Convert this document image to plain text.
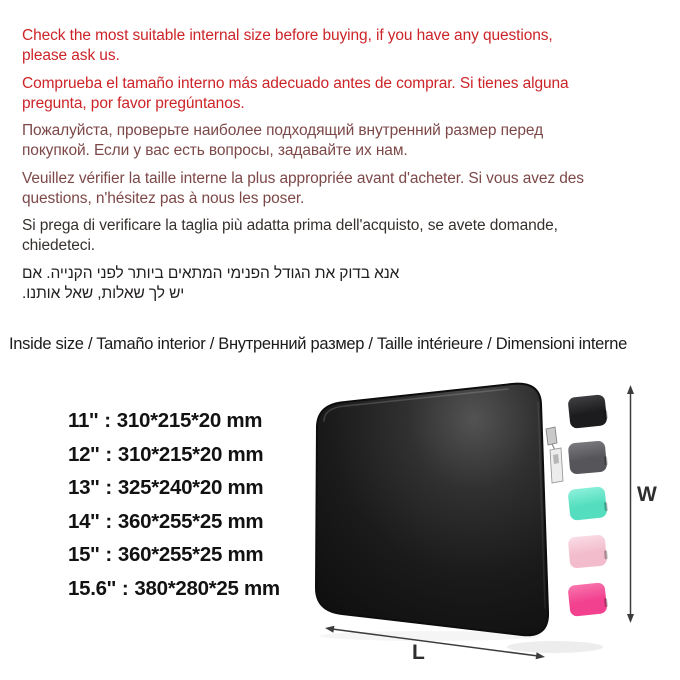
Check the most suitable internal size before buying, if you have any questions,
please ask us.

Comprueba el tamaño interno más adecuado antes de comprar. Si tienes alguna
pregunta, por favor pregúntanos.

Пожалуйста, проверьте наиболее подходящий внутренний размер перед
покупкой. Если у вас есть вопросы, задавайте их нам.

Veuillez vérifier la taille interne la plus appropriée avant d'acheter. Si vous avez des
questions, n'hésitez pas à nous les poser.

Si prega di verificare la taglia più adatta prima dell'acquisto, se avete domande,
chiedeteci.

אנא בדוק את הגודל הפנימי המתאים ביותר לפני הקנייה. אם
יש לך שאלות, שאל אותנו.

Inside size / Tamaño interior / Внутренний размер / Taille intérieure / Dimensioni interne
11'' : 310*215*20 mm
12'' : 310*215*20 mm
13'' : 325*240*20 mm
14'' : 360*255*25 mm
15'' : 360*255*25 mm
15.6'' : 380*280*25 mm
W
L
